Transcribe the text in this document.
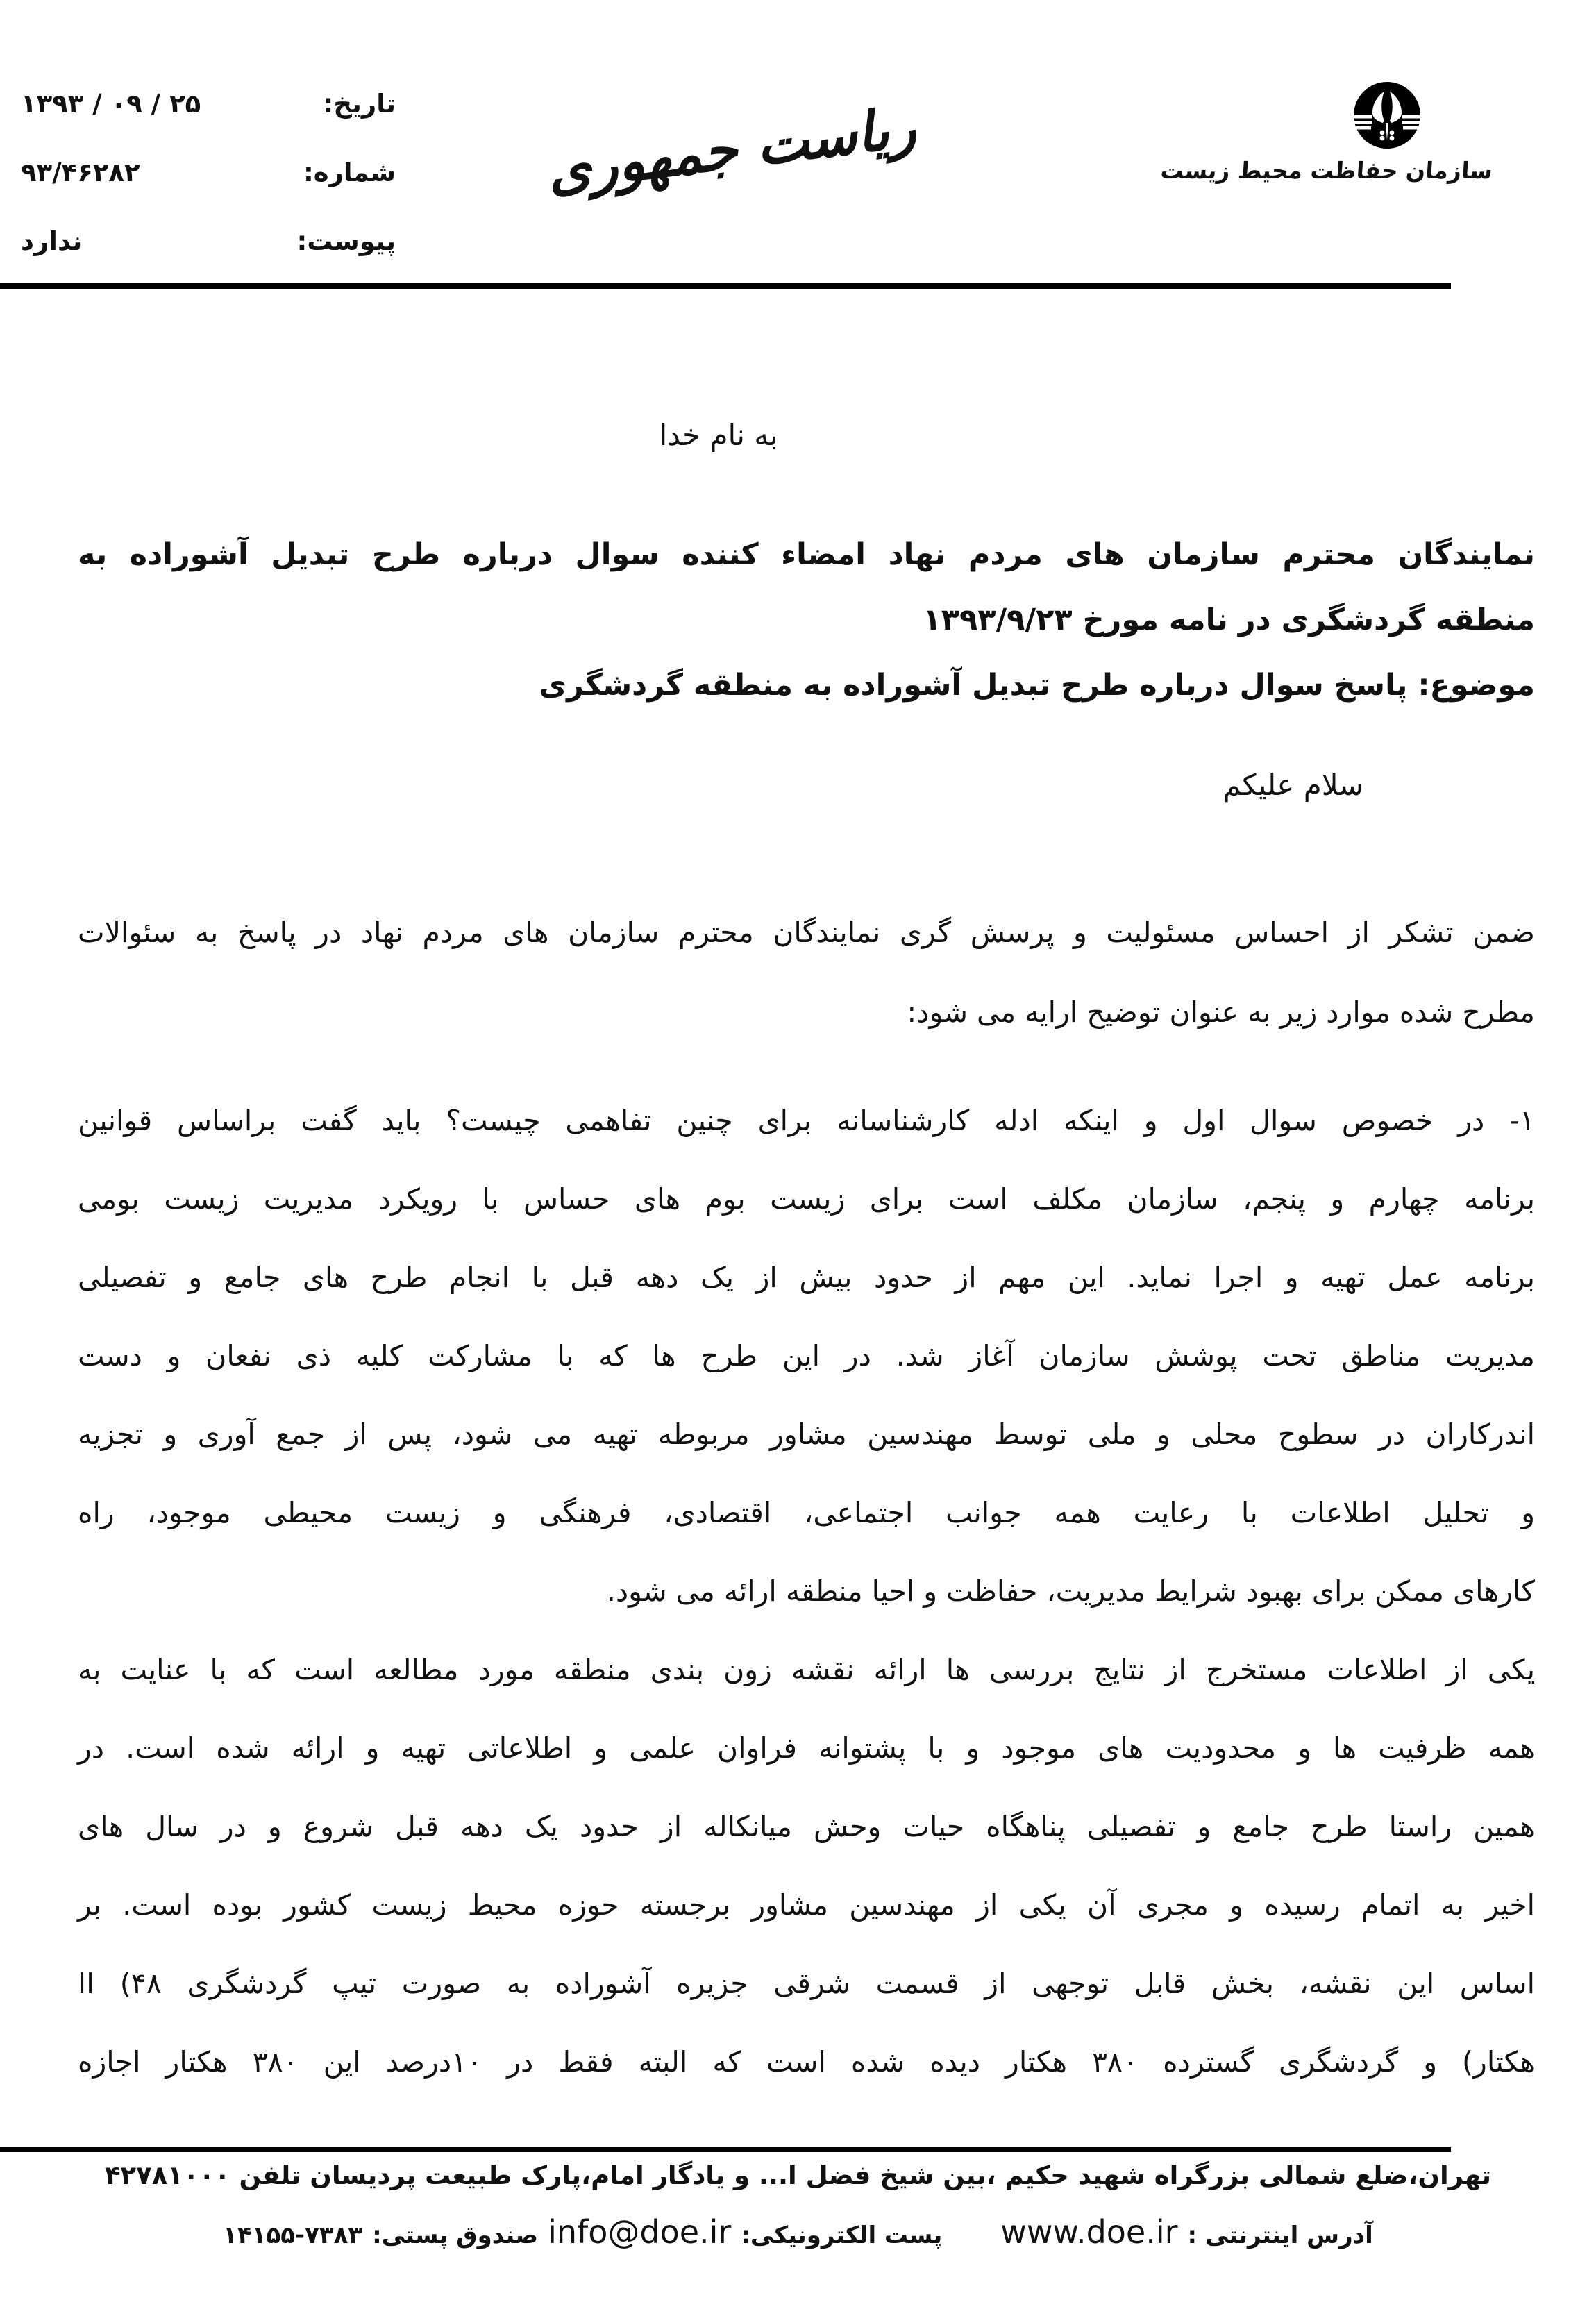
تاریخ:
۲۵ / ۰۹ / ۱۳۹۳
شماره:
۹۳/۴۶۲۸۲
پیوست:
ندارد
ریاست جمهوری	سازمان حفاظت محیط زیست
به نام خدا
نمایندگان محترم سازمان های مردم نهاد امضاء کننده سوال درباره طرح تبدیل آشوراده به
منطقه گردشگری در نامه مورخ ۱۳۹۳/۹/۲۳
موضوع: پاسخ سوال درباره طرح تبدیل آشوراده به منطقه گردشگری
سلام علیکم
ضمن تشکر از احساس مسئولیت و پرسش گری نمایندگان محترم سازمان های مردم نهاد در پاسخ به سئوالات
مطرح شده موارد زیر به عنوان توضیح ارایه می شود:
۱- در خصوص سوال اول و اینکه ادله کارشناسانه برای چنین تفاهمی چیست؟ باید گفت براساس قوانین
برنامه چهارم و پنجم، سازمان مکلف است برای زیست بوم های حساس با رویکرد مدیریت زیست بومی
برنامه عمل تهیه و اجرا نماید. این مهم از حدود بیش از یک دهه قبل با انجام طرح های جامع و تفصیلی
مدیریت مناطق تحت پوشش سازمان آغاز شد. در این طرح ها که با مشارکت کلیه ذی نفعان و دست
اندرکاران در سطوح محلی و ملی توسط مهندسین مشاور مربوطه تهیه می شود، پس از جمع آوری و تجزیه
و تحلیل اطلاعات با رعایت همه جوانب اجتماعی، اقتصادی، فرهنگی و زیست محیطی موجود، راه
کارهای ممکن برای بهبود شرایط مدیریت، حفاظت و احیا منطقه ارائه می شود.
یکی از اطلاعات مستخرج از نتایج بررسی ها ارائه نقشه زون بندی منطقه مورد مطالعه است که با عنایت به
همه ظرفیت ها و محدودیت های موجود و با پشتوانه فراوان علمی و اطلاعاتی تهیه و ارائه شده است. در
همین راستا طرح جامع و تفصیلی پناهگاه حیات وحش میانکاله از حدود یک دهه قبل شروع و در سال های
اخیر به اتمام رسیده و مجری آن یکی از مهندسین مشاور برجسته حوزه محیط زیست کشور بوده است. بر
اساس این نقشه، بخش قابل توجهی از قسمت شرقی جزیره آشوراده به صورت تیپ گردشگری II (۴۸
هکتار) و گردشگری گسترده ۳۸۰ هکتار دیده شده است که البته فقط در ۱۰درصد این ۳۸۰ هکتار اجازه
تهران،ضلع شمالی بزرگراه شهید حکیم ،بین شیخ فضل ا... و یادگار امام،پارک طبیعت پردیسان تلفن ۴۲۷۸۱۰۰۰
آدرس اینترنتی :
www.doe.ir
پست الکترونیکی:
info@doe.ir
صندوق پستی:
۱۴۱۵۵-۷۳۸۳
